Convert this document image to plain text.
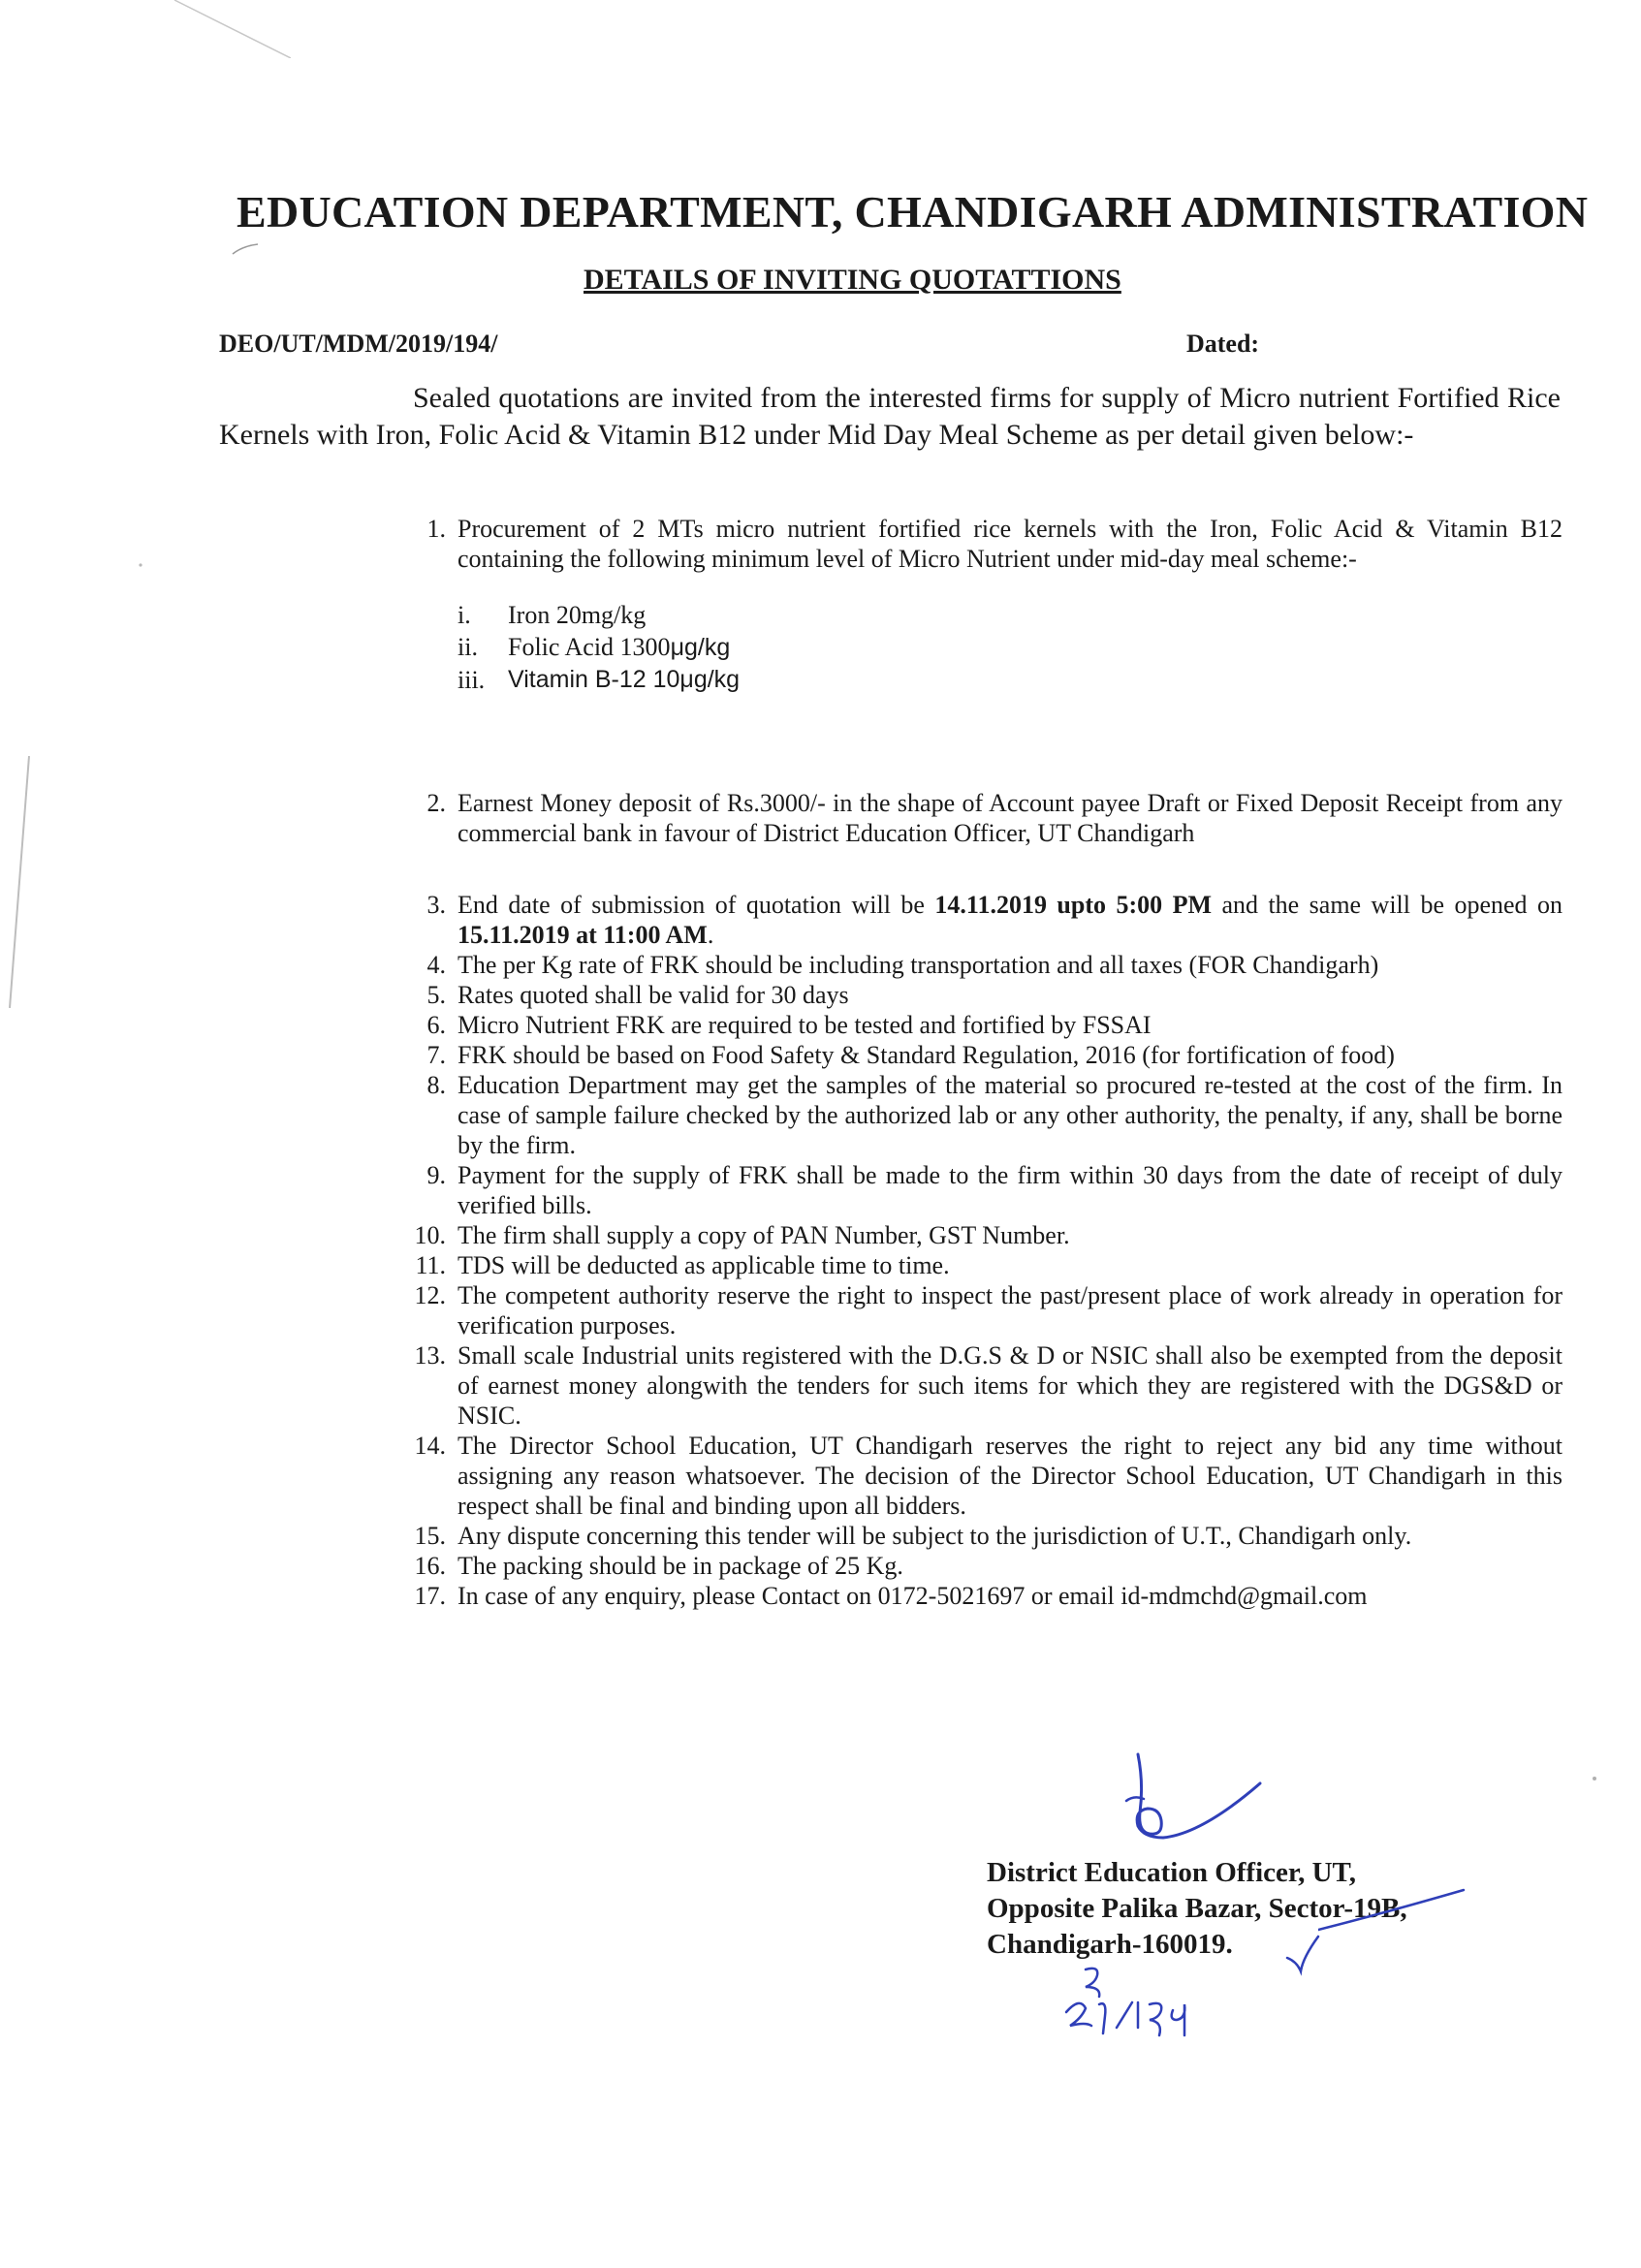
EDUCATION DEPARTMENT, CHANDIGARH ADMINISTRATION
DETAILS OF INVITING QUOTATTIONS
DEO/UT/MDM/2019/194/	Dated:
Sealed quotations are invited from the interested firms for supply of Micro nutrient Fortified Rice Kernels with Iron, Folic Acid & Vitamin B12 under Mid Day Meal Scheme as per detail given below:-
1. Procurement of 2 MTs micro nutrient fortified rice kernels with the Iron, Folic Acid & Vitamin B12 containing the following minimum level of Micro Nutrient under mid-day meal scheme:-
i. Iron 20mg/kg
ii. Folic Acid 1300μg/kg
iii. Vitamin B-12 10μg/kg
2. Earnest Money deposit of Rs.3000/- in the shape of Account payee Draft or Fixed Deposit Receipt from any commercial bank in favour of District Education Officer, UT Chandigarh
3. End date of submission of quotation will be 14.11.2019 upto 5:00 PM and the same will be opened on 15.11.2019 at 11:00 AM.
4. The per Kg rate of FRK should be including transportation and all taxes (FOR Chandigarh)
5. Rates quoted shall be valid for 30 days
6. Micro Nutrient FRK are required to be tested and fortified by FSSAI
7. FRK should be based on Food Safety & Standard Regulation, 2016 (for fortification of food)
8. Education Department may get the samples of the material so procured re-tested at the cost of the firm. In case of sample failure checked by the authorized lab or any other authority, the penalty, if any, shall be borne by the firm.
9. Payment for the supply of FRK shall be made to the firm within 30 days from the date of receipt of duly verified bills.
10. The firm shall supply a copy of PAN Number, GST Number.
11. TDS will be deducted as applicable time to time.
12. The competent authority reserve the right to inspect the past/present place of work already in operation for verification purposes.
13. Small scale Industrial units registered with the D.G.S & D or NSIC shall also be exempted from the deposit of earnest money alongwith the tenders for such items for which they are registered with the DGS&D or NSIC.
14. The Director School Education, UT Chandigarh reserves the right to reject any bid any time without assigning any reason whatsoever. The decision of the Director School Education, UT Chandigarh in this respect shall be final and binding upon all bidders.
15. Any dispute concerning this tender will be subject to the jurisdiction of U.T., Chandigarh only.
16. The packing should be in package of 25 Kg.
17. In case of any enquiry, please Contact on 0172-5021697 or email id-mdmchd@gmail.com
District Education Officer, UT,
Opposite Palika Bazar, Sector-19B,
Chandigarh-160019.
